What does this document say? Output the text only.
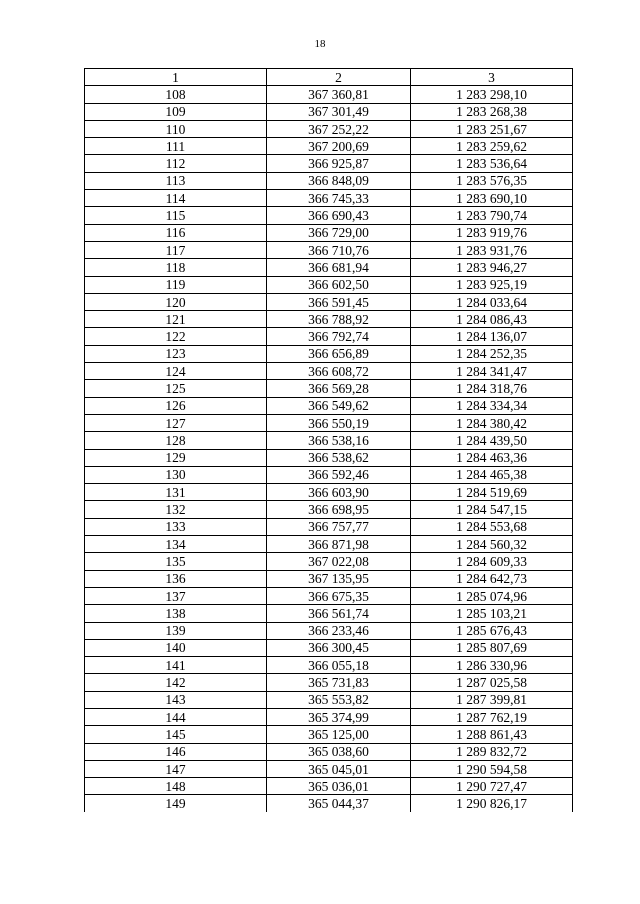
18
1	2	3
108	367 360,81	1 283 298,10
109	367 301,49	1 283 268,38
110	367 252,22	1 283 251,67
111	367 200,69	1 283 259,62
112	366 925,87	1 283 536,64
113	366 848,09	1 283 576,35
114	366 745,33	1 283 690,10
115	366 690,43	1 283 790,74
116	366 729,00	1 283 919,76
117	366 710,76	1 283 931,76
118	366 681,94	1 283 946,27
119	366 602,50	1 283 925,19
120	366 591,45	1 284 033,64
121	366 788,92	1 284 086,43
122	366 792,74	1 284 136,07
123	366 656,89	1 284 252,35
124	366 608,72	1 284 341,47
125	366 569,28	1 284 318,76
126	366 549,62	1 284 334,34
127	366 550,19	1 284 380,42
128	366 538,16	1 284 439,50
129	366 538,62	1 284 463,36
130	366 592,46	1 284 465,38
131	366 603,90	1 284 519,69
132	366 698,95	1 284 547,15
133	366 757,77	1 284 553,68
134	366 871,98	1 284 560,32
135	367 022,08	1 284 609,33
136	367 135,95	1 284 642,73
137	366 675,35	1 285 074,96
138	366 561,74	1 285 103,21
139	366 233,46	1 285 676,43
140	366 300,45	1 285 807,69
141	366 055,18	1 286 330,96
142	365 731,83	1 287 025,58
143	365 553,82	1 287 399,81
144	365 374,99	1 287 762,19
145	365 125,00	1 288 861,43
146	365 038,60	1 289 832,72
147	365 045,01	1 290 594,58
148	365 036,01	1 290 727,47
149	365 044,37	1 290 826,17
